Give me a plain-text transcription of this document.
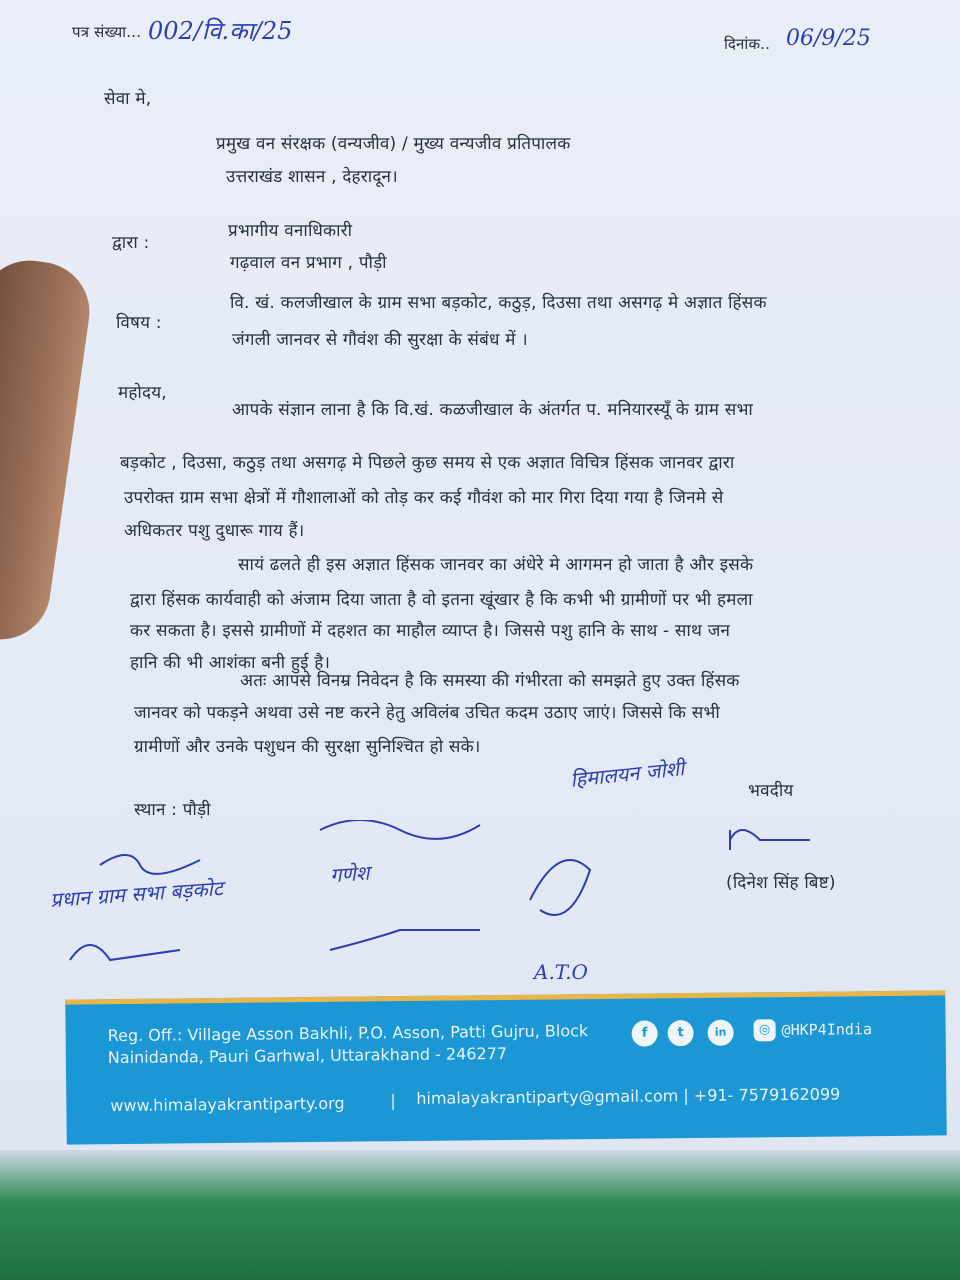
पत्र संख्या... 002/वि.का/25	दिनांक.. 06/9/25
सेवा मे,
प्रमुख वन संरक्षक (वन्यजीव) / मुख्य वन्यजीव प्रतिपालक
उत्तराखंड शासन , देहरादून।
द्वारा :
प्रभागीय वनाधिकारी
गढ़वाल वन प्रभाग , पौड़ी
विषय :
वि. खं. कलजीखाल के ग्राम सभा बड़कोट, कठुड़, दिउसा तथा असगढ़ मे अज्ञात हिंसक
जंगली जानवर से गौवंश की सुरक्षा के संबंध में ।
महोदय,
आपके संज्ञान लाना है कि वि.खं. कळजीखाल के अंतर्गत प. मनियारस्यूँ के ग्राम सभा
बड़कोट , दिउसा, कठुड़ तथा असगढ़ मे पिछले कुछ समय से एक अज्ञात विचित्र हिंसक जानवर द्वारा
उपरोक्त ग्राम सभा क्षेत्रों में गौशालाओं को तोड़ कर कई गौवंश को मार गिरा दिया गया है जिनमे से
अधिकतर पशु दुधारू गाय हैं।
सायं ढलते ही इस अज्ञात हिंसक जानवर का अंधेरे मे आगमन हो जाता है और इसके
द्वारा हिंसक कार्यवाही को अंजाम दिया जाता है वो इतना खूंखार है कि कभी भी ग्रामीणों पर भी हमला
कर सकता है। इससे ग्रामीणों में दहशत का माहौल व्याप्त है। जिससे पशु हानि के साथ - साथ जन
हानि की भी आशंका बनी हुई है।
अतः आपसे विनम्र निवेदन है कि समस्या की गंभीरता को समझते हुए उक्त हिंसक
जानवर को पकड़ने अथवा उसे नष्ट करने हेतु अविलंब उचित कदम उठाए जाएं। जिससे कि सभी
ग्रामीणों और उनके पशुधन की सुरक्षा सुनिश्चित हो सके।
स्थान : पौड़ी
भवदीय
(दिनेश सिंह बिष्ट)
प्रधान ग्राम सभा बड़कोट
हिमालयन जोशी
गणेश
A.T.O
Reg. Off.: Village Asson Bakhli, P.O. Asson, Patti Gujru, Block
Nainidanda, Pauri Garhwal, Uttarakhand - 246277
f	t	in	◎ @HKP4India
www.himalayakrantiparty.org	| himalayakrantiparty@gmail.com | +91- 7579162099
